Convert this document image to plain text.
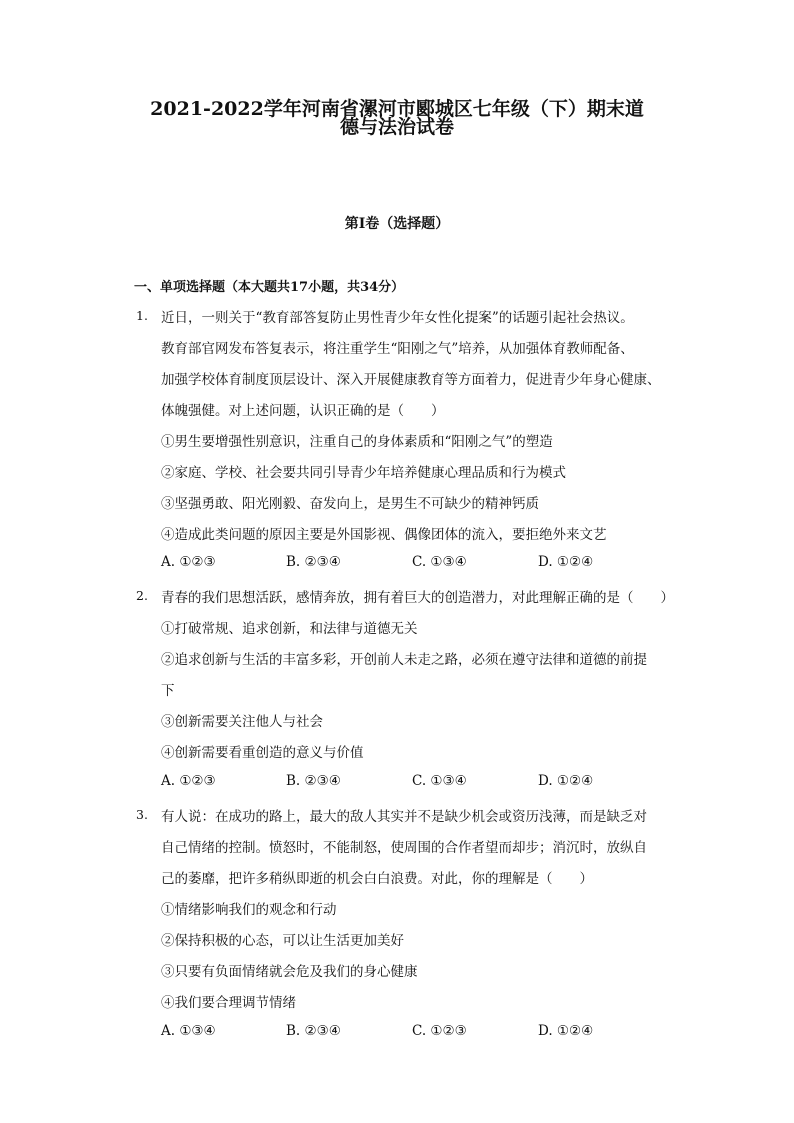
2021-2022学年河南省漯河市郾城区七年级（下）期末道
德与法治试卷
第I卷（选择题）
一、单项选择题（本大题共17小题，共34分）
1. 近日，一则关于“教育部答复防止男性青少年女性化提案”的话题引起社会热议。
教育部官网发布答复表示，将注重学生“阳刚之气”培养，从加强体育教师配备、
加强学校体育制度顶层设计、深入开展健康教育等方面着力，促进青少年身心健康、
体魄强健。对上述问题，认识正确的是（　　）
①男生要增强性别意识，注重自己的身体素质和“阳刚之气”的塑造
②家庭、学校、社会要共同引导青少年培养健康心理品质和行为模式
③坚强勇敢、阳光刚毅、奋发向上，是男生不可缺少的精神钙质
④造成此类问题的原因主要是外国影视、偶像团体的流入，要拒绝外来文艺
A. ①②③	B. ②③④	C. ①③④	D. ①②④
2. 青春的我们思想活跃，感情奔放，拥有着巨大的创造潜力，对此理解正确的是（　　）
①打破常规、追求创新，和法律与道德无关
②追求创新与生活的丰富多彩，开创前人未走之路，必须在遵守法律和道德的前提
下
③创新需要关注他人与社会
④创新需要看重创造的意义与价值
A. ①②③	B. ②③④	C. ①③④	D. ①②④
3. 有人说：在成功的路上，最大的敌人其实并不是缺少机会或资历浅薄，而是缺乏对
自己情绪的控制。愤怒时，不能制怒，使周围的合作者望而却步；消沉时，放纵自
己的萎靡，把许多稍纵即逝的机会白白浪费。对此，你的理解是（　　）
①情绪影响我们的观念和行动
②保持积极的心态，可以让生活更加美好
③只要有负面情绪就会危及我们的身心健康
④我们要合理调节情绪
A. ①③④	B. ②③④	C. ①②③	D. ①②④
